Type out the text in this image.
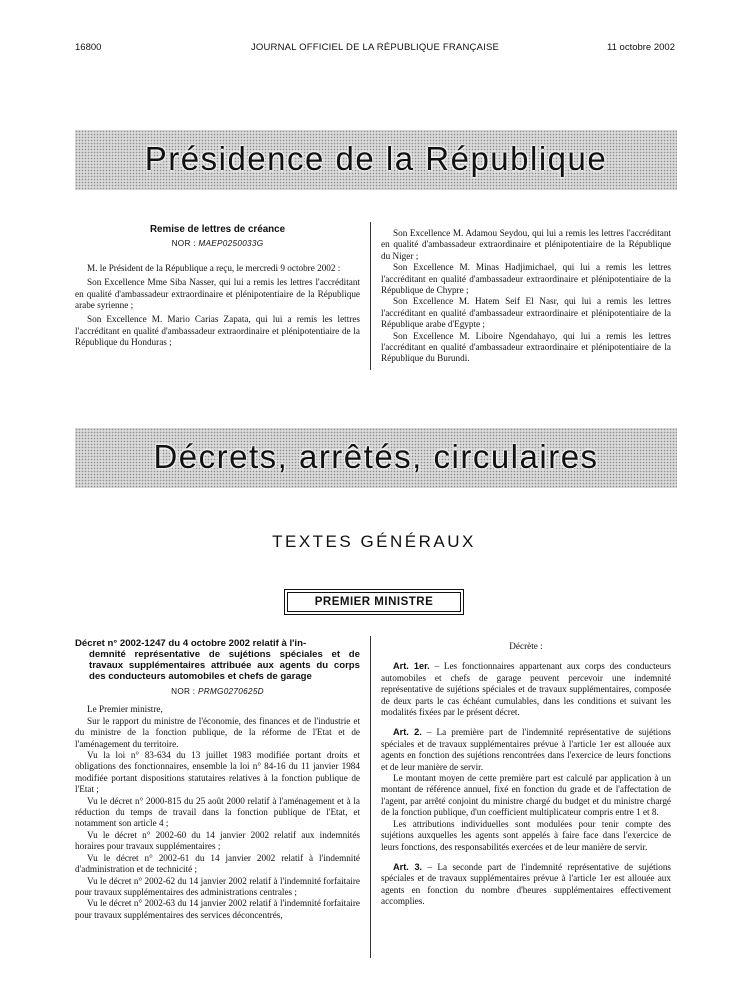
16800	JOURNAL OFFICIEL DE LA RÉPUBLIQUE FRANÇAISE	11 octobre 2002
Présidence de la République
Remise de lettres de créance
NOR : MAEP0250033G

M. le Président de la République a reçu, le mercredi 9 octobre 2002 :

Son Excellence Mme Siba Nasser, qui lui a remis les lettres l'accréditant en qualité d'ambassadeur extraordinaire et plénipotentiaire de la République arabe syrienne ;

Son Excellence M. Mario Carias Zapata, qui lui a remis les lettres l'accréditant en qualité d'ambassadeur extraordinaire et plénipotentiaire de la République du Honduras ;

Son Excellence M. Adamou Seydou, qui lui a remis les lettres l'accréditant en qualité d'ambassadeur extraordinaire et plénipotentiaire de la République du Niger ;

Son Excellence M. Minas Hadjimichael, qui lui a remis les lettres l'accréditant en qualité d'ambassadeur extraordinaire et plénipotentiaire de la République de Chypre ;

Son Excellence M. Hatem Seif El Nasr, qui lui a remis les lettres l'accréditant en qualité d'ambassadeur extraordinaire et plénipotentiaire de la République arabe d'Egypte ;

Son Excellence M. Liboire Ngendahayo, qui lui a remis les lettres l'accréditant en qualité d'ambassadeur extraordinaire et plénipotentiaire de la République du Burundi.

Décrets, arrêtés, circulaires
TEXTES GÉNÉRAUX
PREMIER MINISTRE

Décret n° 2002-1247 du 4 octobre 2002 relatif à l'in-
demnité représentative de sujétions spéciales et de travaux supplémentaires attribuée aux agents du corps des conducteurs automobiles et chefs de garage

NOR : PRMG0270625D

Le Premier ministre,

Sur le rapport du ministre de l'économie, des finances et de l'industrie et du ministre de la fonction publique, de la réforme de l'Etat et de l'aménagement du territoire.

Vu la loi n° 83-634 du 13 juillet 1983 modifiée portant droits et obligations des fonctionnaires, ensemble la loi n° 84-16 du 11 janvier 1984 modifiée portant dispositions statutaires relatives à la fonction publique de l'Etat ;

Vu le décret n° 2000-815 du 25 août 2000 relatif à l'aménagement et à la réduction du temps de travail dans la fonction publique de l'Etat, et notamment son article 4 ;

Vu le décret n° 2002-60 du 14 janvier 2002 relatif aux indemnités horaires pour travaux supplémentaires ;

Vu le décret n° 2002-61 du 14 janvier 2002 relatif à l'indemnité d'administration et de technicité ;

Vu le décret n° 2002-62 du 14 janvier 2002 relatif à l'indemnité forfaitaire pour travaux supplémentaires des administrations centrales ;

Vu le décret n° 2002-63 du 14 janvier 2002 relatif à l'indemnité forfaitaire pour travaux supplémentaires des services déconcentrés,

Décrète :

Art. 1er. – Les fonctionnaires appartenant aux corps des conducteurs automobiles et chefs de garage peuvent percevoir une indemnité représentative de sujétions spéciales et de travaux supplémentaires, composée de deux parts le cas échéant cumulables, dans les conditions et suivant les modalités fixées par le présent décret.

Art. 2. – La première part de l'indemnité représentative de sujétions spéciales et de travaux supplémentaires prévue à l'article 1er est allouée aux agents en fonction des sujétions rencontrées dans l'exercice de leurs fonctions et de leur manière de servir.

Le montant moyen de cette première part est calculé par application à un montant de référence annuel, fixé en fonction du grade et de l'affectation de l'agent, par arrêté conjoint du ministre chargé du budget et du ministre chargé de la fonction publique, d'un coefficient multiplicateur compris entre 1 et 8.

Les attributions individuelles sont modulées pour tenir compte des sujétions auxquelles les agents sont appelés à faire face dans l'exercice de leurs fonctions, des responsabilités exercées et de leur manière de servir.

Art. 3. – La seconde part de l'indemnité représentative de sujétions spéciales et de travaux supplémentaires prévue à l'article 1er est allouée aux agents en fonction du nombre d'heures supplémentaires effectivement accomplies.
